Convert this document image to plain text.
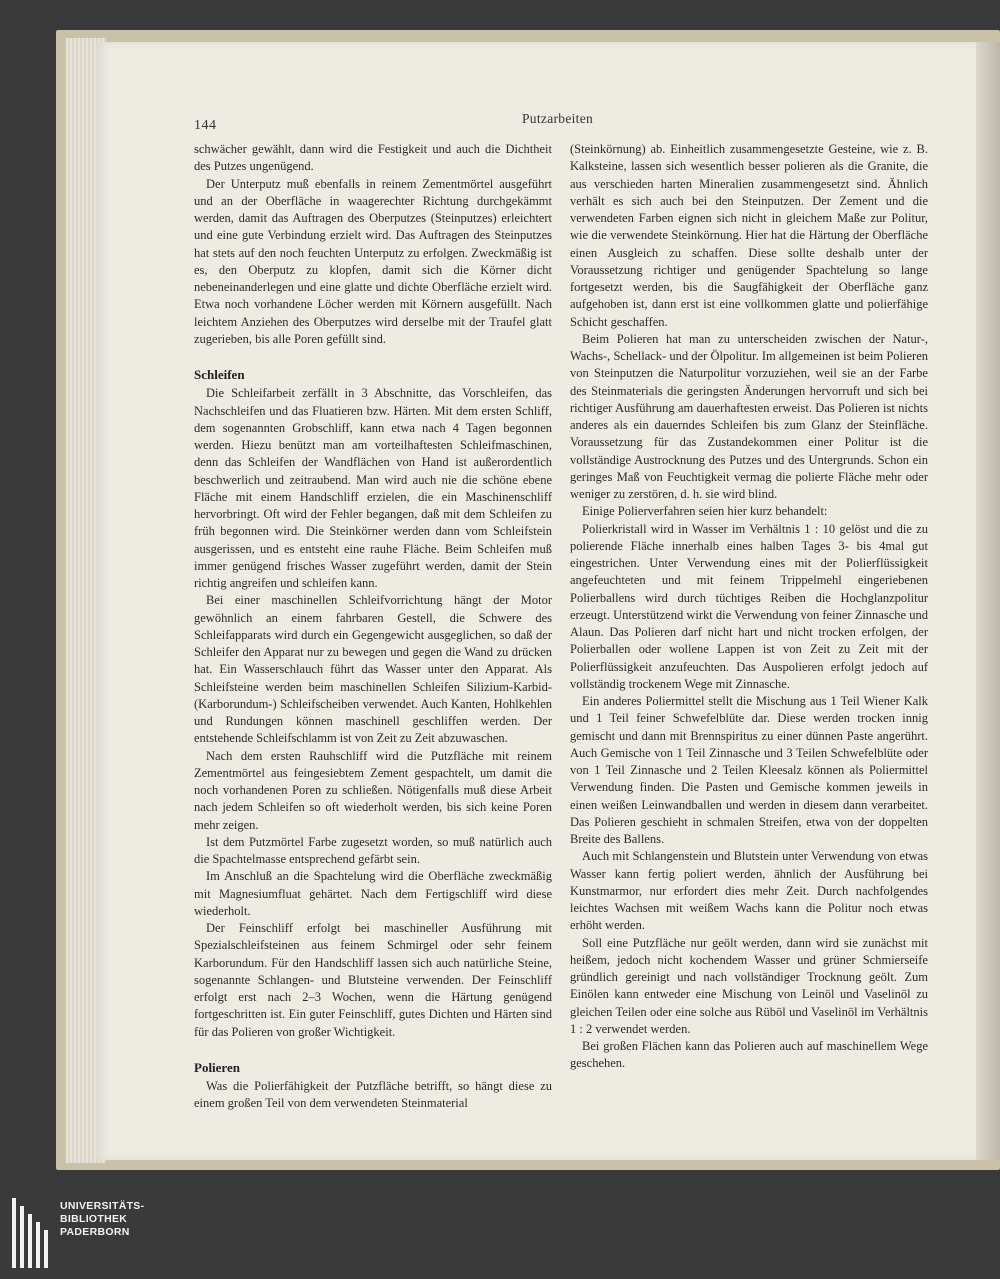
144	Putzarbeiten

schwächer gewählt, dann wird die Festigkeit und auch die Dichtheit des Putzes ungenügend.

Der Unterputz muß ebenfalls in reinem Zementmörtel ausgeführt und an der Oberfläche in waagerechter Richtung durchgekämmt werden, damit das Auftragen des Oberputzes (Steinputzes) erleichtert und eine gute Verbindung erzielt wird. Das Auftragen des Steinputzes hat stets auf den noch feuchten Unterputz zu erfolgen. Zweckmäßig ist es, den Oberputz zu klopfen, damit sich die Körner dicht nebeneinanderlegen und eine glatte und dichte Oberfläche erzielt wird. Etwa noch vorhandene Löcher werden mit Körnern ausgefüllt. Nach leichtem Anziehen des Oberputzes wird derselbe mit der Traufel glatt zugerieben, bis alle Poren gefüllt sind.

Schleifen

Die Schleifarbeit zerfällt in 3 Abschnitte, das Vorschleifen, das Nachschleifen und das Fluatieren bzw. Härten. Mit dem ersten Schliff, dem sogenannten Grobschliff, kann etwa nach 4 Tagen begonnen werden. Hiezu benützt man am vorteilhaftesten Schleifmaschinen, denn das Schleifen der Wandflächen von Hand ist außerordentlich beschwerlich und zeitraubend. Man wird auch nie die schöne ebene Fläche mit einem Handschliff erzielen, die ein Maschinenschliff hervorbringt. Oft wird der Fehler begangen, daß mit dem Schleifen zu früh begonnen wird. Die Steinkörner werden dann vom Schleifstein ausgerissen, und es entsteht eine rauhe Fläche. Beim Schleifen muß immer genügend frisches Wasser zugeführt werden, damit der Stein richtig angreifen und schleifen kann.

Bei einer maschinellen Schleifvorrichtung hängt der Motor gewöhnlich an einem fahrbaren Gestell, die Schwere des Schleifapparats wird durch ein Gegengewicht ausgeglichen, so daß der Schleifer den Apparat nur zu bewegen und gegen die Wand zu drücken hat. Ein Wasserschlauch führt das Wasser unter den Apparat. Als Schleifsteine werden beim maschinellen Schleifen Silizium-Karbid- (Karborundum-) Schleifscheiben verwendet. Auch Kanten, Hohlkehlen und Rundungen können maschinell geschliffen werden. Der entstehende Schleifschlamm ist von Zeit zu Zeit abzuwaschen.

Nach dem ersten Rauhschliff wird die Putzfläche mit reinem Zementmörtel aus feingesiebtem Zement gespachtelt, um damit die noch vorhandenen Poren zu schließen. Nötigenfalls muß diese Arbeit nach jedem Schleifen so oft wiederholt werden, bis sich keine Poren mehr zeigen.

Ist dem Putzmörtel Farbe zugesetzt worden, so muß natürlich auch die Spachtelmasse entsprechend gefärbt sein.

Im Anschluß an die Spachtelung wird die Oberfläche zweckmäßig mit Magnesiumfluat gehärtet. Nach dem Fertigschliff wird diese wiederholt.

Der Feinschliff erfolgt bei maschineller Ausführung mit Spezialschleifsteinen aus feinem Schmirgel oder sehr feinem Karborundum. Für den Handschliff lassen sich auch natürliche Steine, sogenannte Schlangen- und Blutsteine verwenden. Der Feinschliff erfolgt erst nach 2–3 Wochen, wenn die Härtung genügend fortgeschritten ist. Ein guter Feinschliff, gutes Dichten und Härten sind für das Polieren von großer Wichtigkeit.

Polieren

Was die Polierfähigkeit der Putzfläche betrifft, so hängt diese zu einem großen Teil von dem verwendeten Steinmaterial

(Steinkörnung) ab. Einheitlich zusammengesetzte Gesteine, wie z. B. Kalksteine, lassen sich wesentlich besser polieren als die Granite, die aus verschieden harten Mineralien zusammengesetzt sind. Ähnlich verhält es sich auch bei den Steinputzen. Der Zement und die verwendeten Farben eignen sich nicht in gleichem Maße zur Politur, wie die verwendete Steinkörnung. Hier hat die Härtung der Oberfläche einen Ausgleich zu schaffen. Diese sollte deshalb unter der Voraussetzung richtiger und genügender Spachtelung so lange fortgesetzt werden, bis die Saugfähigkeit der Oberfläche ganz aufgehoben ist, dann erst ist eine vollkommen glatte und polierfähige Schicht geschaffen.

Beim Polieren hat man zu unterscheiden zwischen der Natur-, Wachs-, Schellack- und der Ölpolitur. Im allgemeinen ist beim Polieren von Steinputzen die Naturpolitur vorzuziehen, weil sie an der Farbe des Steinmaterials die geringsten Änderungen hervorruft und sich bei richtiger Ausführung am dauerhaftesten erweist. Das Polieren ist nichts anderes als ein dauerndes Schleifen bis zum Glanz der Steinfläche. Voraussetzung für das Zustandekommen einer Politur ist die vollständige Austrocknung des Putzes und des Untergrunds. Schon ein geringes Maß von Feuchtigkeit vermag die polierte Fläche mehr oder weniger zu zerstören, d. h. sie wird blind.

Einige Polierverfahren seien hier kurz behandelt:

Polierkristall wird in Wasser im Verhältnis 1 : 10 gelöst und die zu polierende Fläche innerhalb eines halben Tages 3- bis 4mal gut eingestrichen. Unter Verwendung eines mit der Polierflüssigkeit angefeuchteten und mit feinem Trippelmehl eingeriebenen Polierballens wird durch tüchtiges Reiben die Hochglanzpolitur erzeugt. Unterstützend wirkt die Verwendung von feiner Zinnasche und Alaun. Das Polieren darf nicht hart und nicht trocken erfolgen, der Polierballen oder wollene Lappen ist von Zeit zu Zeit mit der Polierflüssigkeit anzufeuchten. Das Auspolieren erfolgt jedoch auf vollständig trockenem Wege mit Zinnasche.

Ein anderes Poliermittel stellt die Mischung aus 1 Teil Wiener Kalk und 1 Teil feiner Schwefelblüte dar. Diese werden trocken innig gemischt und dann mit Brennspiritus zu einer dünnen Paste angerührt. Auch Gemische von 1 Teil Zinnasche und 3 Teilen Schwefelblüte oder von 1 Teil Zinnasche und 2 Teilen Kleesalz können als Poliermittel Verwendung finden. Die Pasten und Gemische kommen jeweils in einen weißen Leinwandballen und werden in diesem dann verarbeitet. Das Polieren geschieht in schmalen Streifen, etwa von der doppelten Breite des Ballens.

Auch mit Schlangenstein und Blutstein unter Verwendung von etwas Wasser kann fertig poliert werden, ähnlich der Ausführung bei Kunstmarmor, nur erfordert dies mehr Zeit. Durch nachfolgendes leichtes Wachsen mit weißem Wachs kann die Politur noch etwas erhöht werden.

Soll eine Putzfläche nur geölt werden, dann wird sie zunächst mit heißem, jedoch nicht kochendem Wasser und grüner Schmierseife gründlich gereinigt und nach vollständiger Trocknung geölt. Zum Einölen kann entweder eine Mischung von Leinöl und Vaselinöl zu gleichen Teilen oder eine solche aus Rüböl und Vaselinöl im Verhältnis 1 : 2 verwendet werden.

Bei großen Flächen kann das Polieren auch auf maschinellem Wege geschehen.

UNIVERSITÄTS-
BIBLIOTHEK
PADERBORN
